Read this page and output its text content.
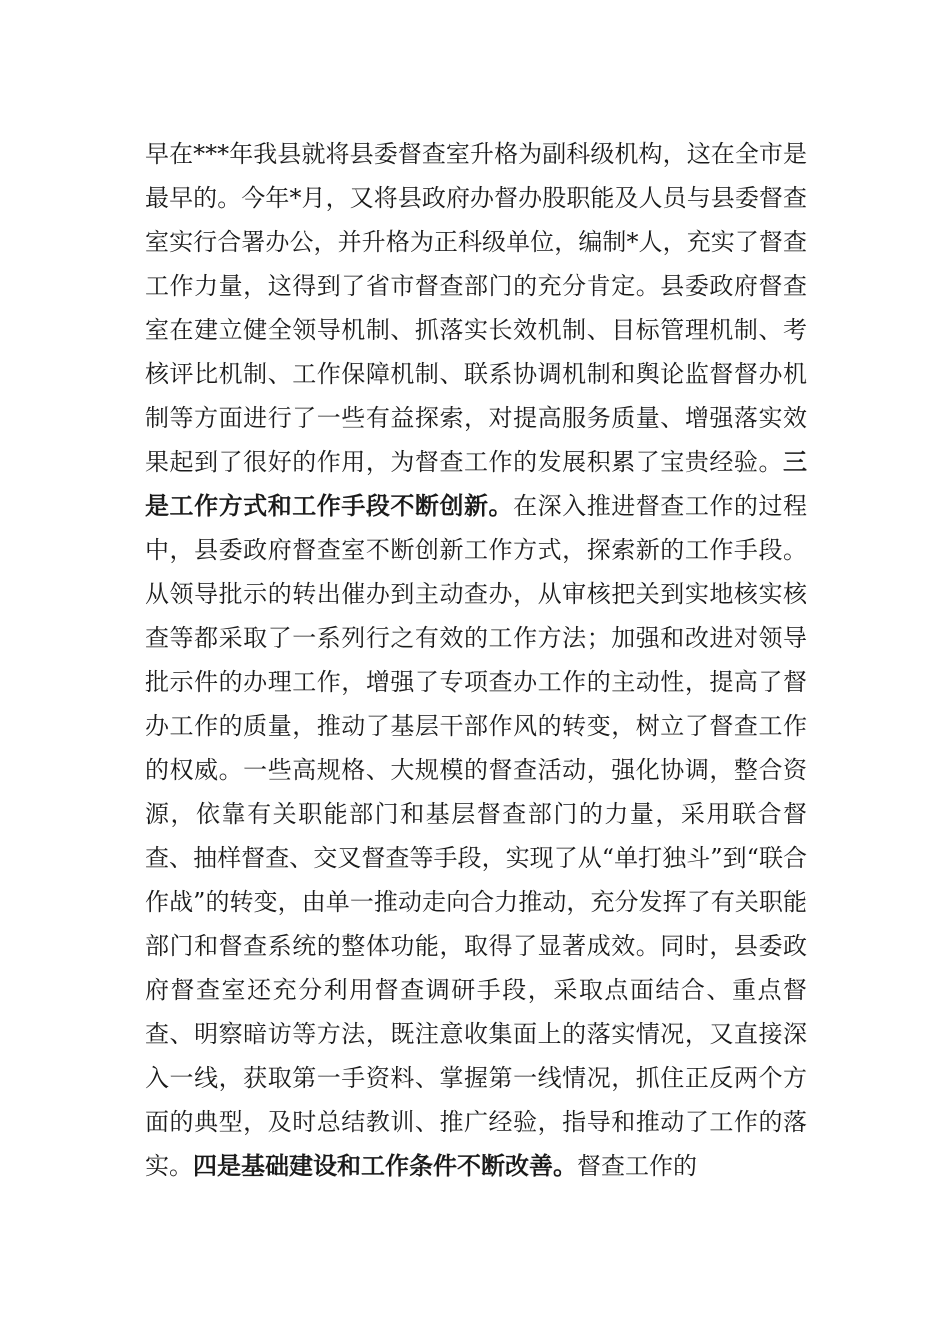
早在***年我县就将县委督查室升格为副科级机构，这在全市是最早的。今年*月，又将县政府办督办股职能及人员与县委督查室实行合署办公，并升格为正科级单位，编制*人，充实了督查工作力量，这得到了省市督查部门的充分肯定。县委政府督查室在建立健全领导机制、抓落实长效机制、目标管理机制、考核评比机制、工作保障机制、联系协调机制和舆论监督督办机制等方面进行了一些有益探索，对提高服务质量、增强落实效果起到了很好的作用，为督查工作的发展积累了宝贵经验。三是工作方式和工作手段不断创新。在深入推进督查工作的过程中，县委政府督查室不断创新工作方式，探索新的工作手段。从领导批示的转出催办到主动查办，从审核把关到实地核实核查等都采取了一系列行之有效的工作方法；加强和改进对领导批示件的办理工作，增强了专项查办工作的主动性，提高了督办工作的质量，推动了基层干部作风的转变，树立了督查工作的权威。一些高规格、大规模的督查活动，强化协调，整合资源，依靠有关职能部门和基层督查部门的力量，采用联合督查、抽样督查、交叉督查等手段，实现了从“单打独斗”到“联合作战”的转变，由单一推动走向合力推动，充分发挥了有关职能部门和督查系统的整体功能，取得了显著成效。同时，县委政府督查室还充分利用督查调研手段，采取点面结合、重点督查、明察暗访等方法，既注意收集面上的落实情况，又直接深入一线，获取第一手资料、掌握第一线情况，抓住正反两个方面的典型，及时总结教训、推广经验，指导和推动了工作的落实。四是基础建设和工作条件不断改善。督查工作的
